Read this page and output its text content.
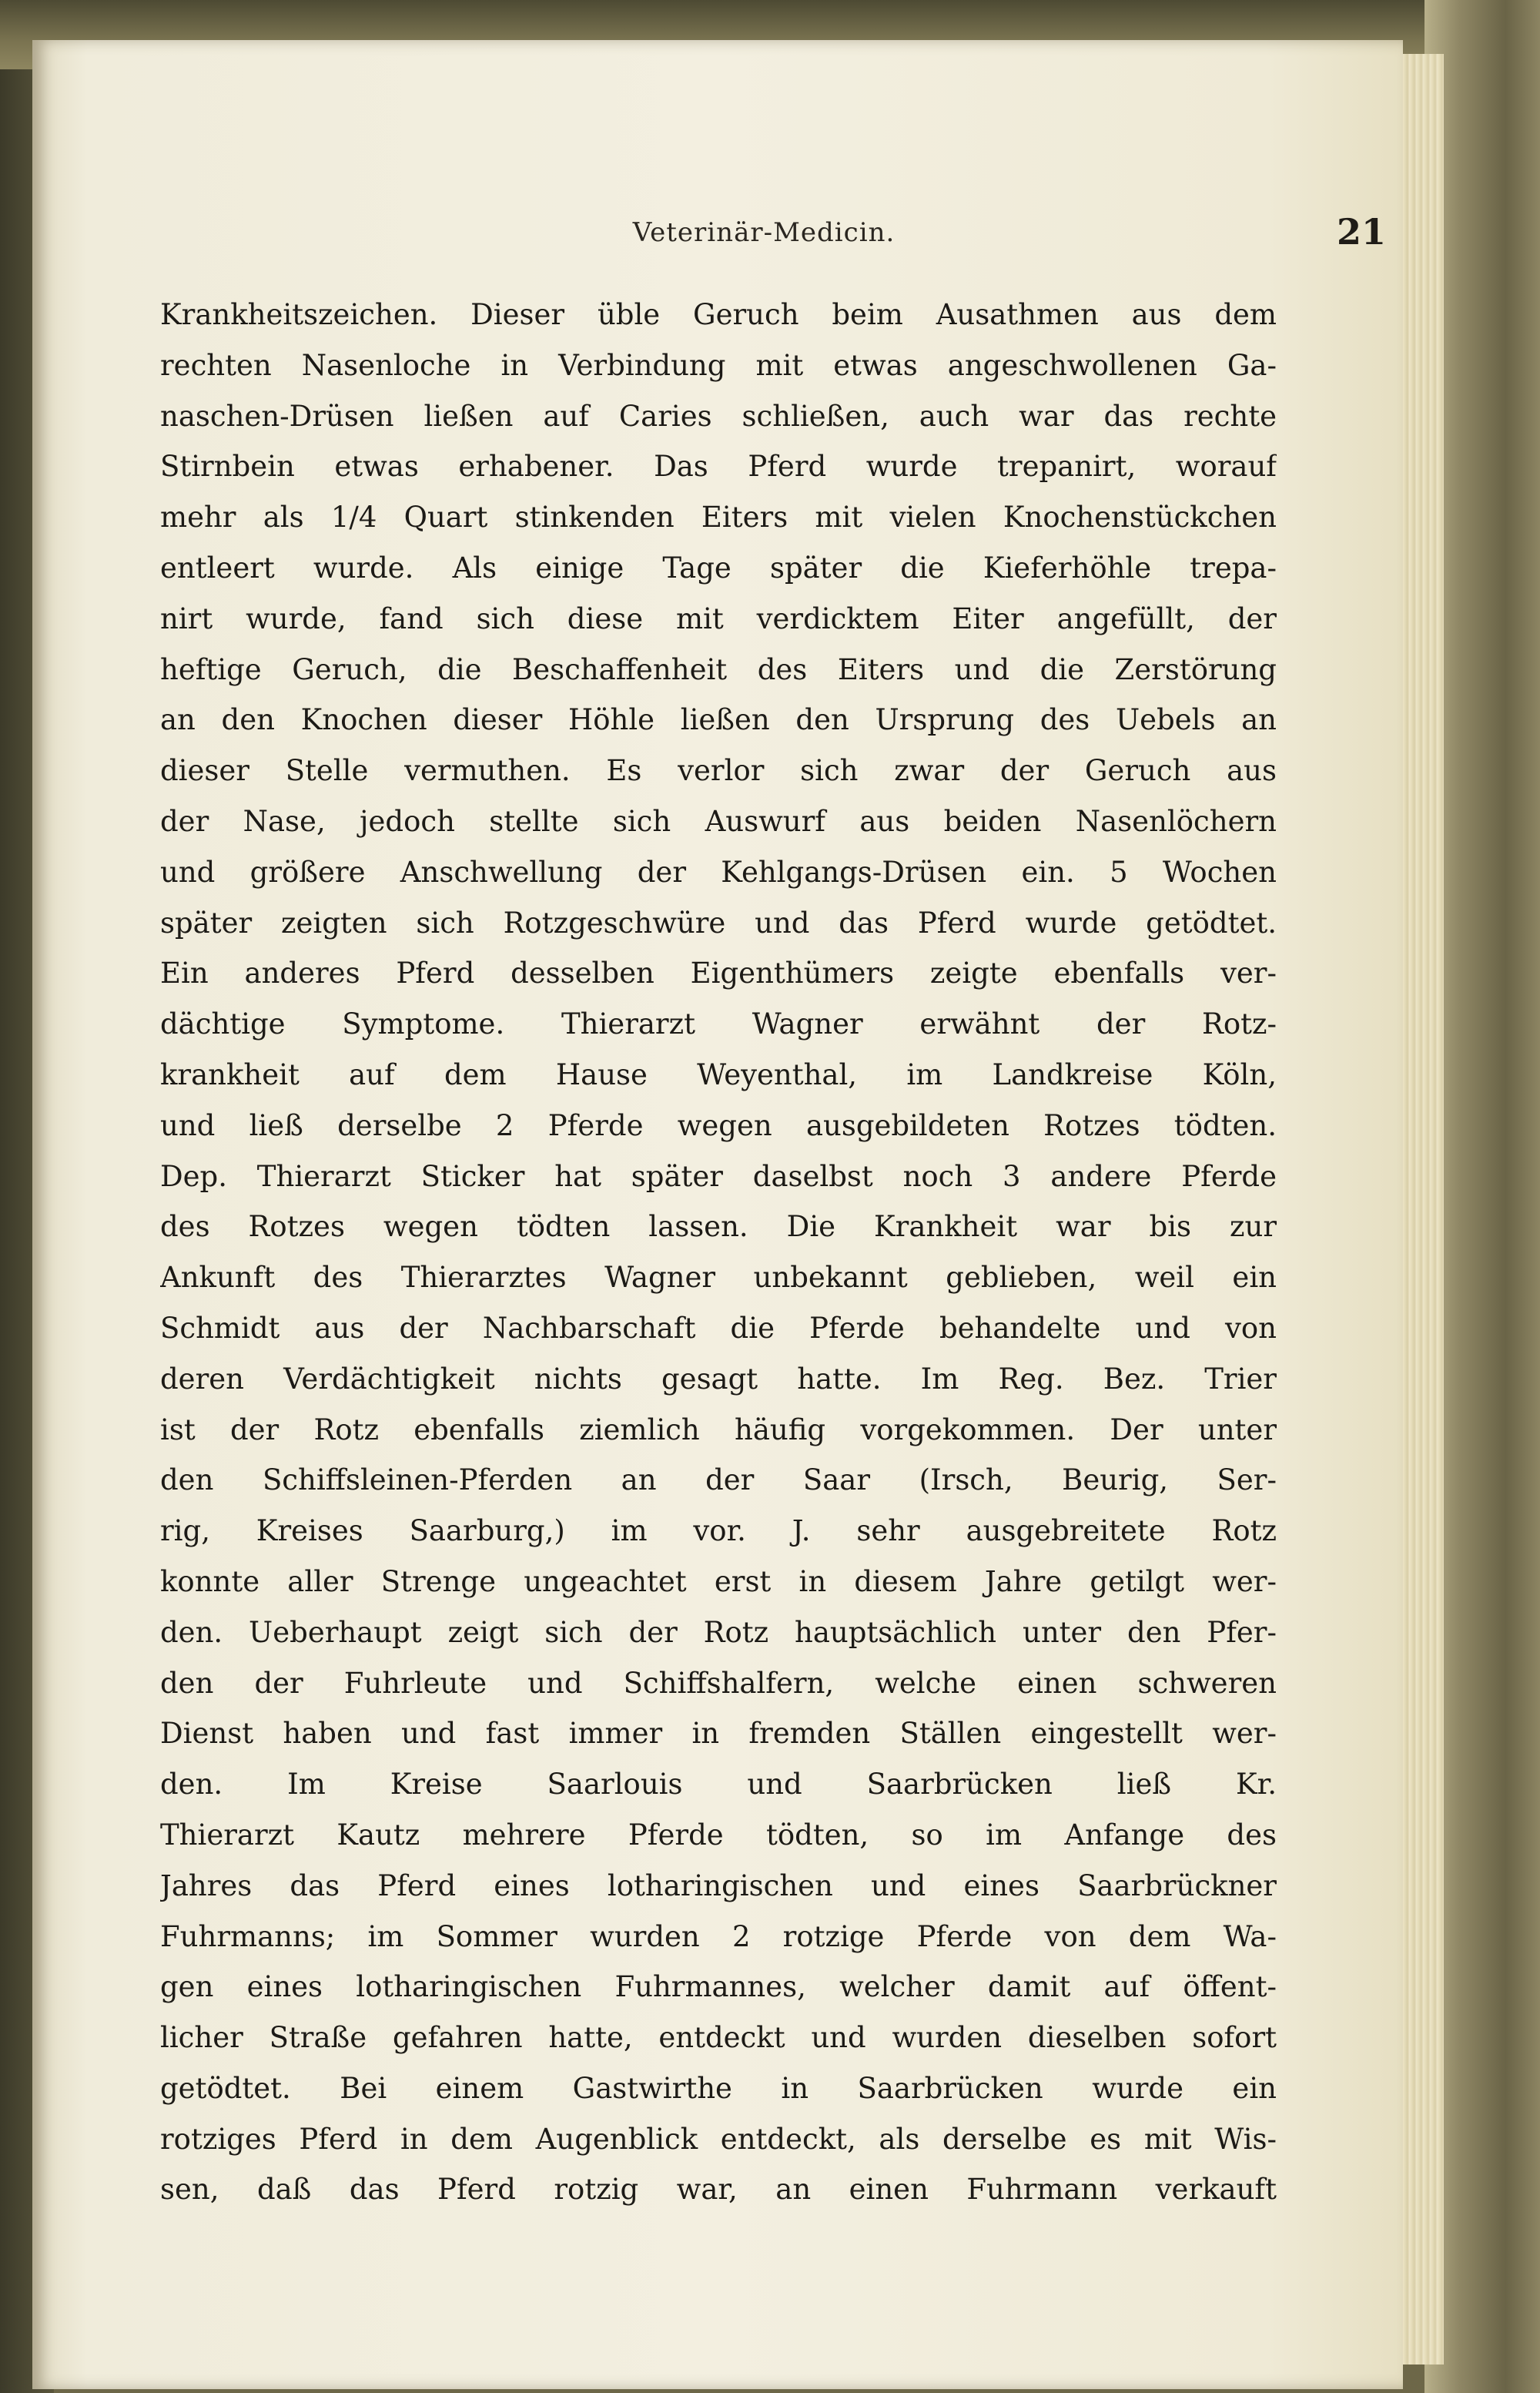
Veterinär-Medicin.	21
Krankheitszeichen. Dieser üble Geruch beim Ausathmen aus dem
rechten Nasenloche in Verbindung mit etwas angeschwollenen Ga-
naschen-Drüsen ließen auf Caries schließen, auch war das rechte
Stirnbein etwas erhabener. Das Pferd wurde trepanirt, worauf
mehr als 1/4 Quart stinkenden Eiters mit vielen Knochenstückchen
entleert wurde. Als einige Tage später die Kieferhöhle trepa-
nirt wurde, fand sich diese mit verdicktem Eiter angefüllt, der
heftige Geruch, die Beschaffenheit des Eiters und die Zerstörung
an den Knochen dieser Höhle ließen den Ursprung des Uebels an
dieser Stelle vermuthen. Es verlor sich zwar der Geruch aus
der Nase, jedoch stellte sich Auswurf aus beiden Nasenlöchern
und größere Anschwellung der Kehlgangs-Drüsen ein. 5 Wochen
später zeigten sich Rotzgeschwüre und das Pferd wurde getödtet.
Ein anderes Pferd desselben Eigenthümers zeigte ebenfalls ver-
dächtige Symptome. Thierarzt Wagner erwähnt der Rotz-
krankheit auf dem Hause Weyenthal, im Landkreise Köln,
und ließ derselbe 2 Pferde wegen ausgebildeten Rotzes tödten.
Dep. Thierarzt Sticker hat später daselbst noch 3 andere Pferde
des Rotzes wegen tödten lassen. Die Krankheit war bis zur
Ankunft des Thierarztes Wagner unbekannt geblieben, weil ein
Schmidt aus der Nachbarschaft die Pferde behandelte und von
deren Verdächtigkeit nichts gesagt hatte. Im Reg. Bez. Trier
ist der Rotz ebenfalls ziemlich häufig vorgekommen. Der unter
den Schiffsleinen-Pferden an der Saar (Irsch, Beurig, Ser-
rig, Kreises Saarburg,) im vor. J. sehr ausgebreitete Rotz
konnte aller Strenge ungeachtet erst in diesem Jahre getilgt wer-
den. Ueberhaupt zeigt sich der Rotz hauptsächlich unter den Pfer-
den der Fuhrleute und Schiffshalfern, welche einen schweren
Dienst haben und fast immer in fremden Ställen eingestellt wer-
den. Im Kreise Saarlouis und Saarbrücken ließ Kr.
Thierarzt Kautz mehrere Pferde tödten, so im Anfange des
Jahres das Pferd eines lotharingischen und eines Saarbrückner
Fuhrmanns; im Sommer wurden 2 rotzige Pferde von dem Wa-
gen eines lotharingischen Fuhrmannes, welcher damit auf öffent-
licher Straße gefahren hatte, entdeckt und wurden dieselben sofort
getödtet. Bei einem Gastwirthe in Saarbrücken wurde ein
rotziges Pferd in dem Augenblick entdeckt, als derselbe es mit Wis-
sen, daß das Pferd rotzig war, an einen Fuhrmann verkauft
